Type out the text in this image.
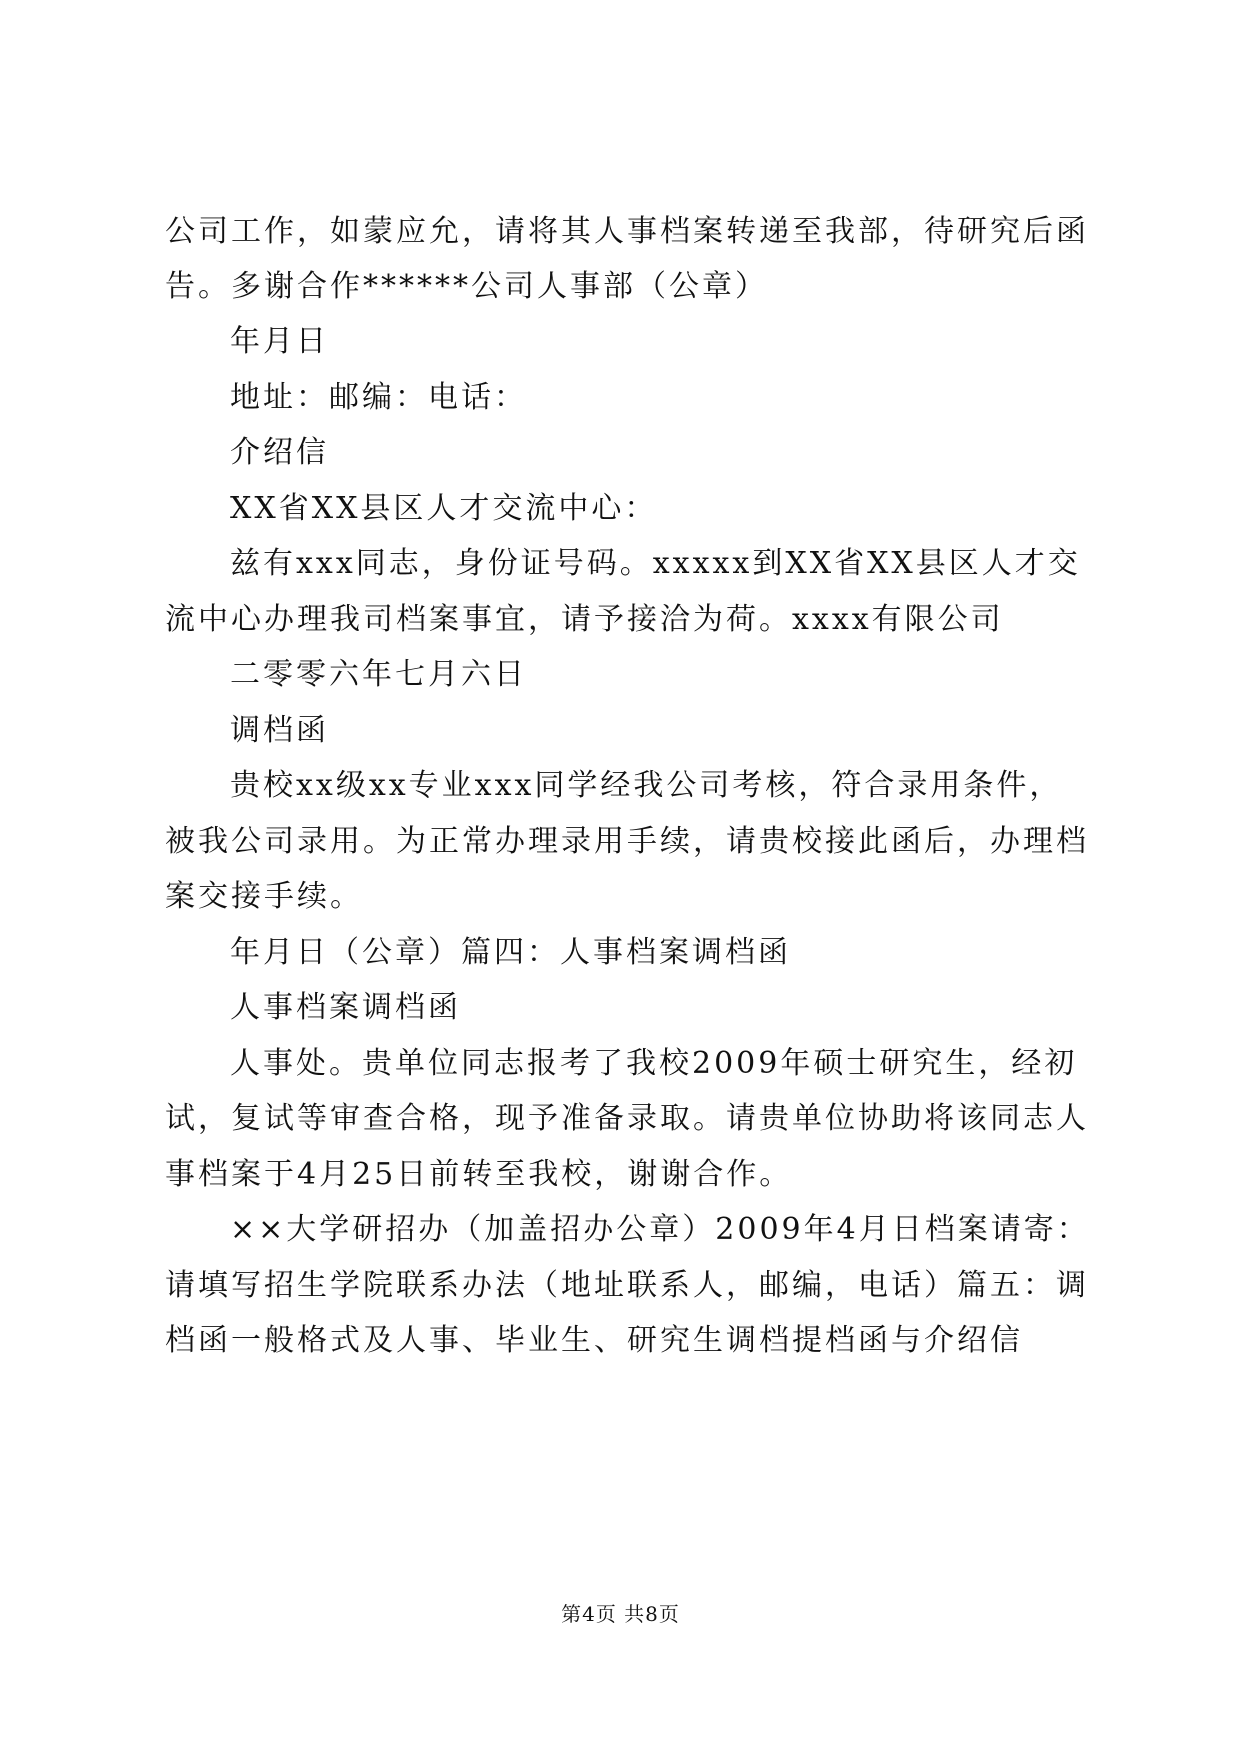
公司工作，如蒙应允，请将其人事档案转递至我部，待研究后函
告。多谢合作******公司人事部（公章）
年月日
地址：邮编：电话：
介绍信
XX省XX县区人才交流中心：
兹有xxx同志，身份证号码。xxxxx到XX省XX县区人才交
流中心办理我司档案事宜，请予接洽为荷。xxxx有限公司
二零零六年七月六日
调档函
贵校xx级xx专业xxx同学经我公司考核，符合录用条件，
被我公司录用。为正常办理录用手续，请贵校接此函后，办理档
案交接手续。
年月日（公章）篇四：人事档案调档函
人事档案调档函
人事处。贵单位同志报考了我校2009年硕士研究生，经初
试，复试等审查合格，现予准备录取。请贵单位协助将该同志人
事档案于4月25日前转至我校，谢谢合作。
××大学研招办（加盖招办公章）2009年4月日档案请寄：
请填写招生学院联系办法（地址联系人，邮编，电话）篇五：调
档函一般格式及人事、毕业生、研究生调档提档函与介绍信
第4页 共8页
